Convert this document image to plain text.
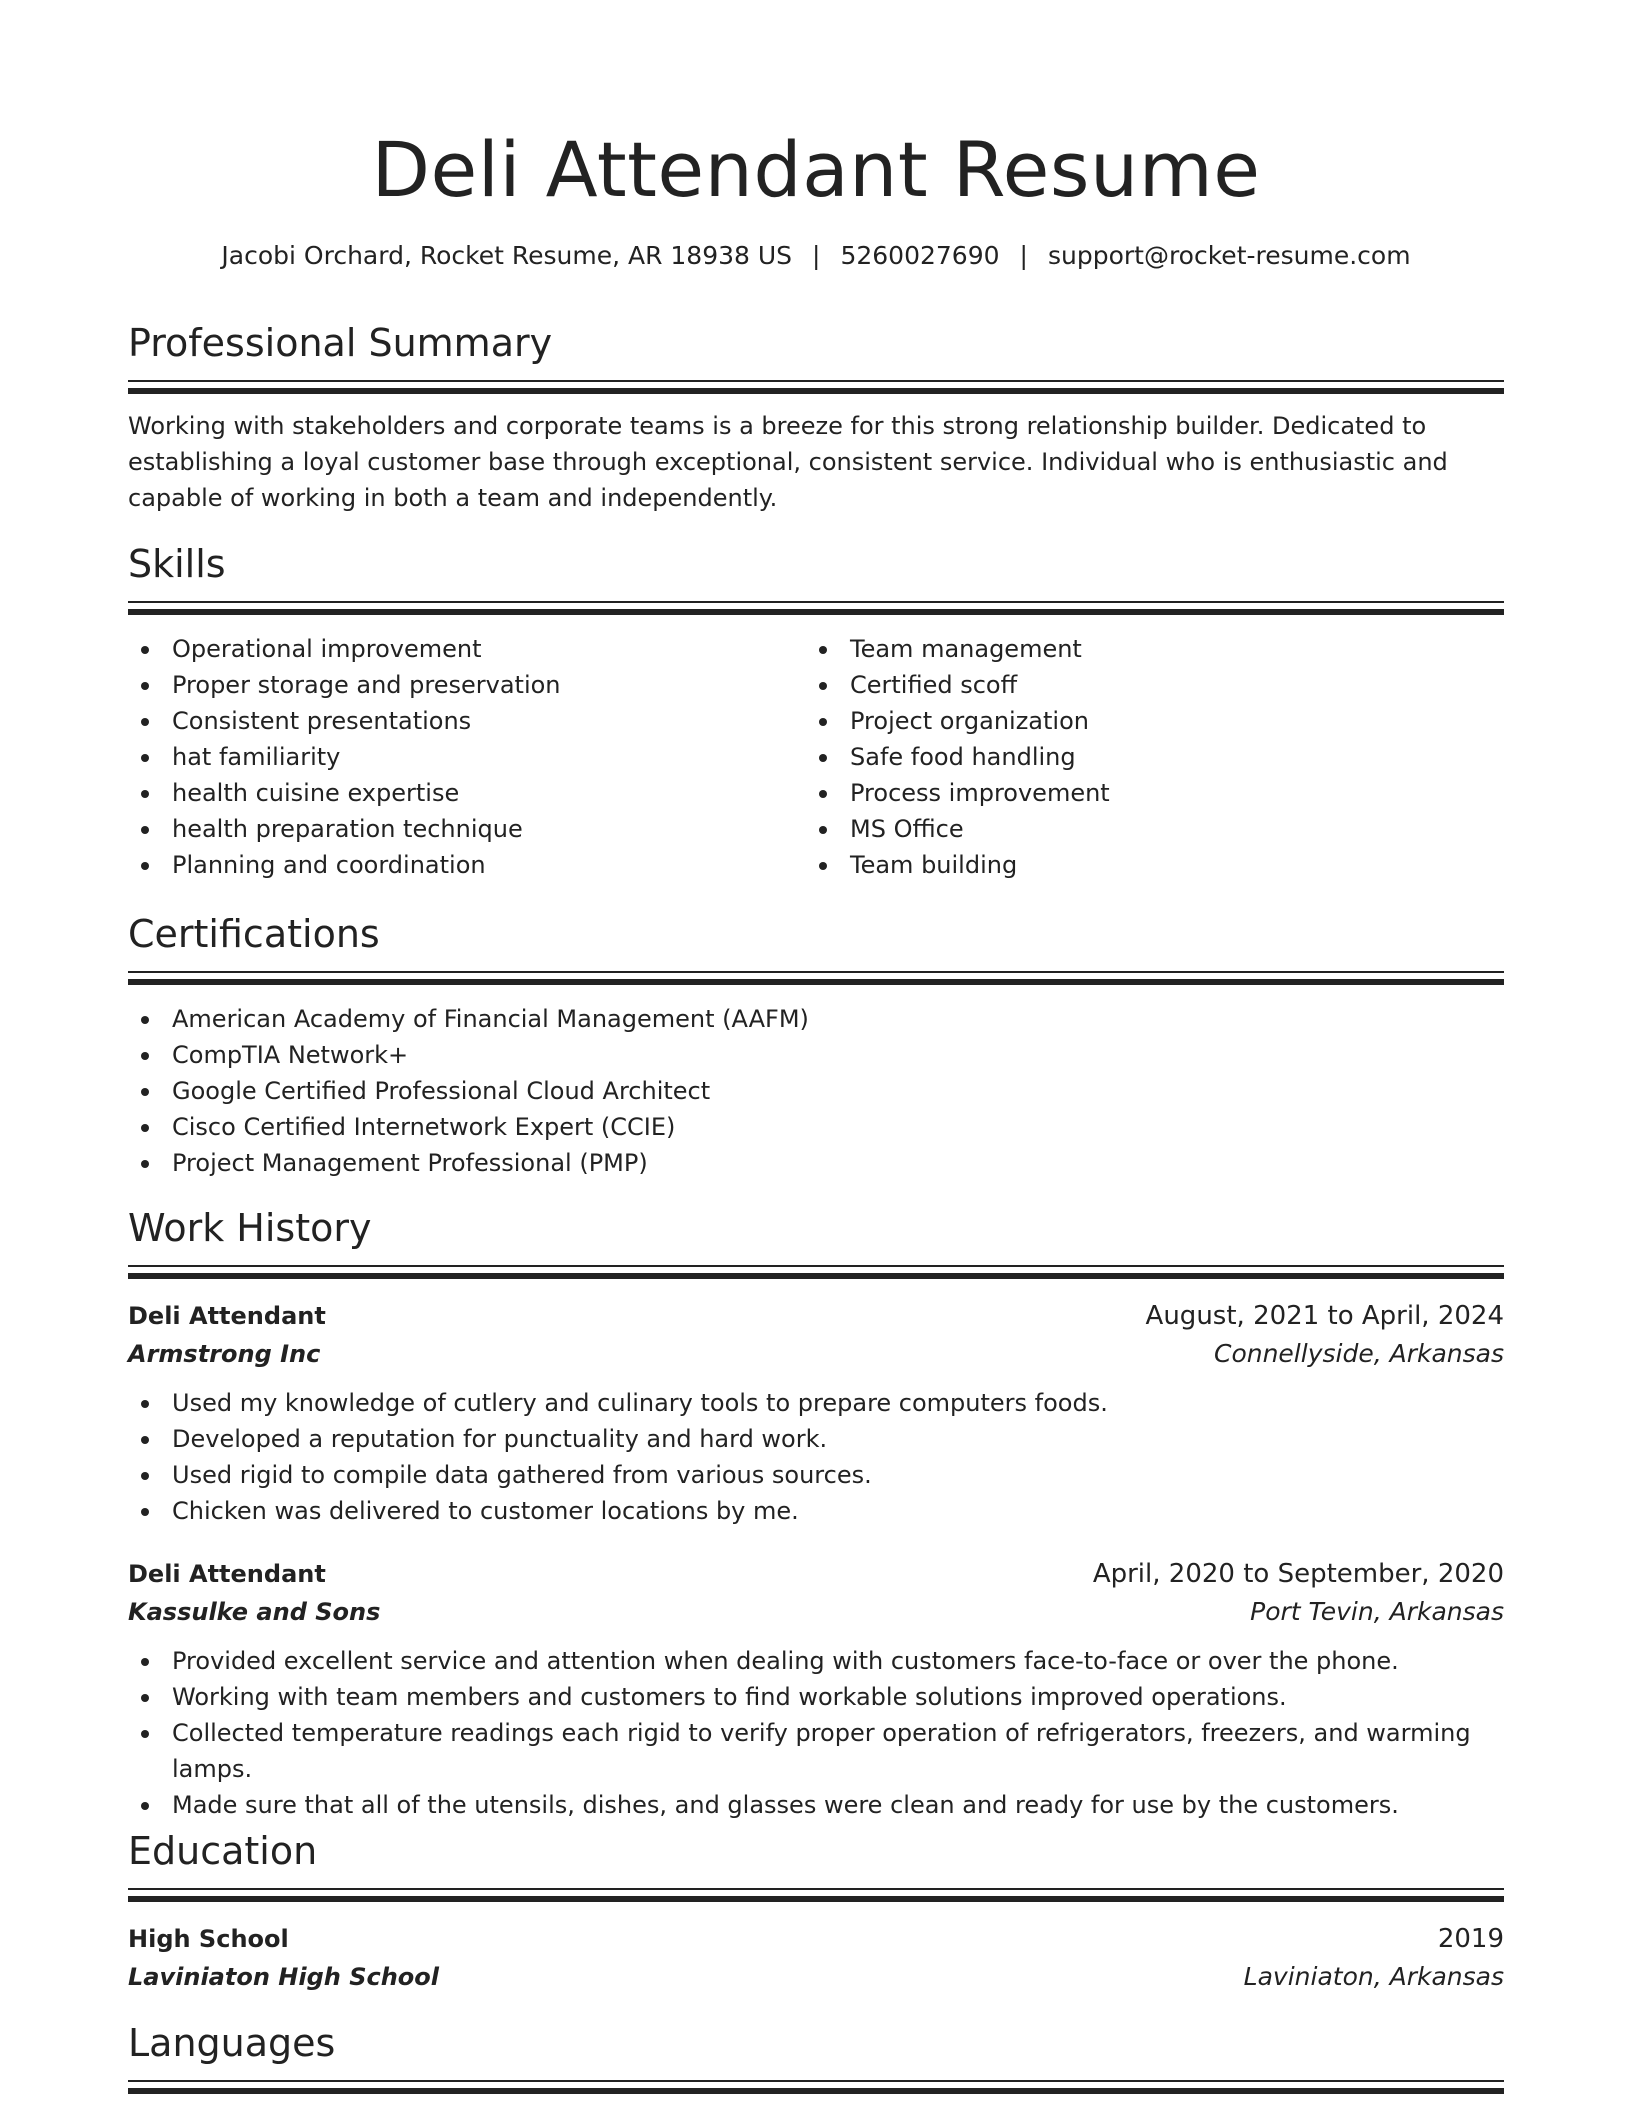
Deli Attendant Resume
Jacobi Orchard, Rocket Resume, AR 18938 US | 5260027690 | support@rocket-resume.com
Professional Summary
Working with stakeholders and corporate teams is a breeze for this strong relationship builder. Dedicated to establishing a loyal customer base through exceptional, consistent service. Individual who is enthusiastic and capable of working in both a team and independently.
Skills
Operational improvement
Proper storage and preservation
Consistent presentations
hat familiarity
health cuisine expertise
health preparation technique
Planning and coordination
Team management
Certified scoff
Project organization
Safe food handling
Process improvement
MS Office
Team building
Certifications
American Academy of Financial Management (AAFM)
CompTIA Network+
Google Certified Professional Cloud Architect
Cisco Certified Internetwork Expert (CCIE)
Project Management Professional (PMP)
Work History
Deli Attendant	August, 2021 to April, 2024
Armstrong Inc	Connellyside, Arkansas
Used my knowledge of cutlery and culinary tools to prepare computers foods.
Developed a reputation for punctuality and hard work.
Used rigid to compile data gathered from various sources.
Chicken was delivered to customer locations by me.
Deli Attendant	April, 2020 to September, 2020
Kassulke and Sons	Port Tevin, Arkansas
Provided excellent service and attention when dealing with customers face-to-face or over the phone.
Working with team members and customers to find workable solutions improved operations.
Collected temperature readings each rigid to verify proper operation of refrigerators, freezers, and warming lamps.
Made sure that all of the utensils, dishes, and glasses were clean and ready for use by the customers.
Education
High School	2019
Laviniaton High School	Laviniaton, Arkansas
Languages
